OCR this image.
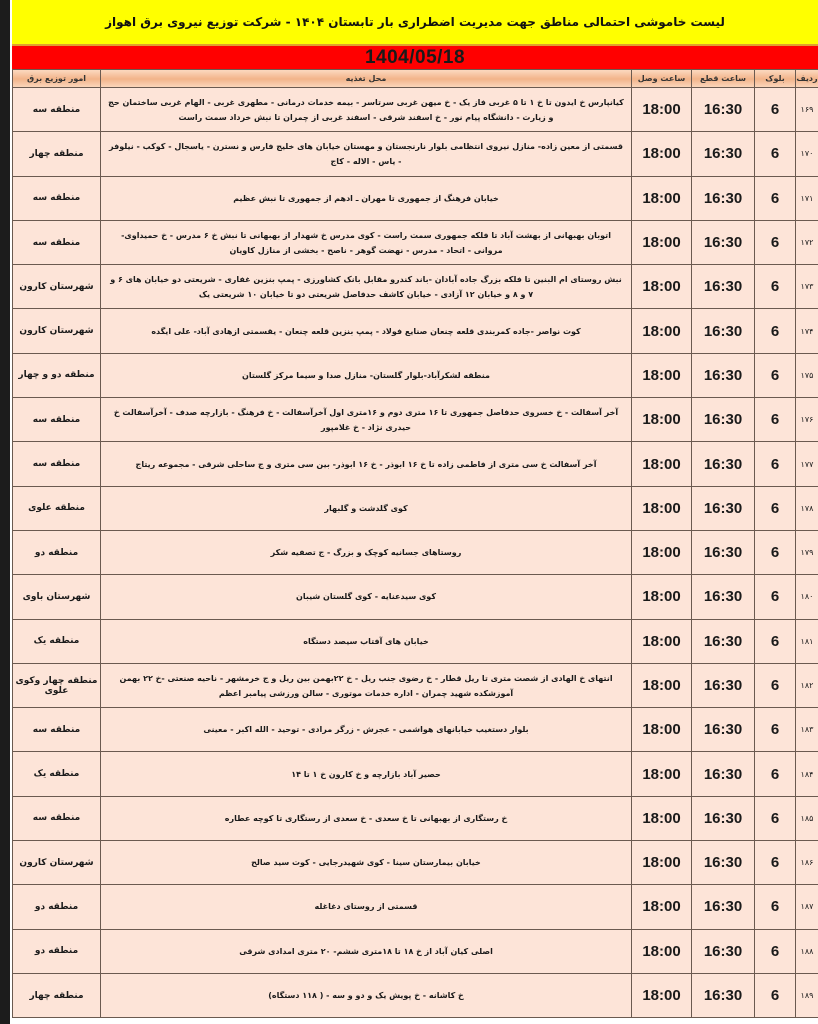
لیست خاموشی احتمالی مناطق جهت مدیریت اضطراری بار تابستان ۱۴۰۴ - شرکت توزیع نیروی برق اهواز
1404/05/18
ردیف	بلوک	ساعت قطع	ساعت وصل	محل تغذیه	امور توزیع برق
۱۶۹	6	16:30	18:00	کیانپارس خ ایدون تا خ ۱ تا ۵ غربی فاز یک - خ میهن غربی سرتاسر - بیمه خدمات درمانی - مطهری غربی - الهام غربی ساختمان حج و زیارت - دانشگاه پیام نور - خ اسفند شرقی - اسفند غربی از چمران تا نبش خرداد سمت راست	منطقه سه
۱۷۰	6	16:30	18:00	قسمتی از معین زاده- منازل نیروی انتظامی بلوار نارنجستان و مهستان خیابان های خلیج فارس و نسترن - یاسجال - کوکب - نیلوفر - یاس - الاله - کاج	منطقه چهار
۱۷۱	6	16:30	18:00	خیابان فرهنگ از جمهوری تا مهران ـ ادهم از جمهوری تا نبش عظیم	منطقه سه
۱۷۲	6	16:30	18:00	اتوبان بهبهانی از بهشت آباد تا فلکه جمهوری سمت راست - کوی مدرس خ شهدار از بهبهانی تا نبش خ ۶ مدرس - خ حمیداوی- مروانی - اتحاد - مدرس - نهضت گوهر - ناصح - بخشی از منازل کاویان	منطقه سه
۱۷۳	6	16:30	18:00	نبش روستای ام البنین تا فلکه بزرگ جاده آبادان -باند کندرو مقابل بانک کشاورزی - پمپ بنزین غفاری - شریعتی دو خیابان های ۶ و ۷ و ۸ و خیابان ۱۲ آزادی - خیابان کاشف حدفاصل شریعتی دو تا خیابان ۱۰ شریعتی یک	شهرستان کارون
۱۷۴	6	16:30	18:00	کوت نواصر -جاده کمربندی قلعه چنعان صنایع فولاد - پمپ بنزین قلعه چنعان - یقسمتی ازهادی آباد- علی ایگده	شهرستان کارون
۱۷۵	6	16:30	18:00	منطقه لشکرآباد-بلوار گلستان- منازل صدا و سیما مرکز گلستان	منطقه دو و چهار
۱۷۶	6	16:30	18:00	آخر آسفالت - خ خسروی حدفاصل جمهوری تا ۱۶ متری دوم و ۱۶متری اول آخرآسفالت - خ فرهنگ - بازارچه صدف - آخرآسفالت خ حیدری نژاد - خ غلامپور	منطقه سه
۱۷۷	6	16:30	18:00	آخر آسفالت خ سی متری از فاطمی زاده تا خ ۱۶ ابوذر - خ ۱۶ ابوذر- بین سی متری و ج ساحلی شرقی - مجموعه ریتاج	منطقه سه
۱۷۸	6	16:30	18:00	کوی گلدشت و گلبهار	منطقه علوی
۱۷۹	6	16:30	18:00	روستاهای جسانیه کوچک و بزرگ - ج تصفیه شکر	منطقه دو
۱۸۰	6	16:30	18:00	کوی سیدعنایه - کوی گلستان شیبان	شهرستان باوی
۱۸۱	6	16:30	18:00	خیابان های آفتاب سیصد دستگاه	منطقه یک
۱۸۲	6	16:30	18:00	انتهای خ الهادی از شصت متری تا ریل قطار - خ رضوی جنب ریل - خ ۲۲بهمن بین ریل و ج خرمشهر - ناحیه صنعتی -خ ۲۲ بهمن آموزشکده شهید چمران - اداره خدمات موتوری - سالن ورزشی پیامبر اعظم	منطقه چهار وکوی علوی
۱۸۳	6	16:30	18:00	بلوار دستغیب خیابانهای هواشمی - عجرش - زرگر مرادی - توحید - الله اکبر - معینی	منطقه سه
۱۸۴	6	16:30	18:00	حصیر آباد بازارچه و خ کارون خ ۱ تا ۱۴	منطقه یک
۱۸۵	6	16:30	18:00	خ رستگاری از بهبهانی تا خ سعدی - خ سعدی از رستگاری تا کوچه عطاره	منطقه سه
۱۸۶	6	16:30	18:00	خیابان بیمارستان سینا - کوی شهیدرجایی - کوت سید صالح	شهرستان کارون
۱۸۷	6	16:30	18:00	قسمتی از روستای دغاغله	منطقه دو
۱۸۸	6	16:30	18:00	اصلی کیان آباد از خ ۱۸ تا ۱۸متری ششم- ۲۰ متری امدادی شرقی	منطقه دو
۱۸۹	6	16:30	18:00	خ کاشانه - خ پویش یک و دو و سه - ( ۱۱۸ دستگاه)	منطقه چهار
